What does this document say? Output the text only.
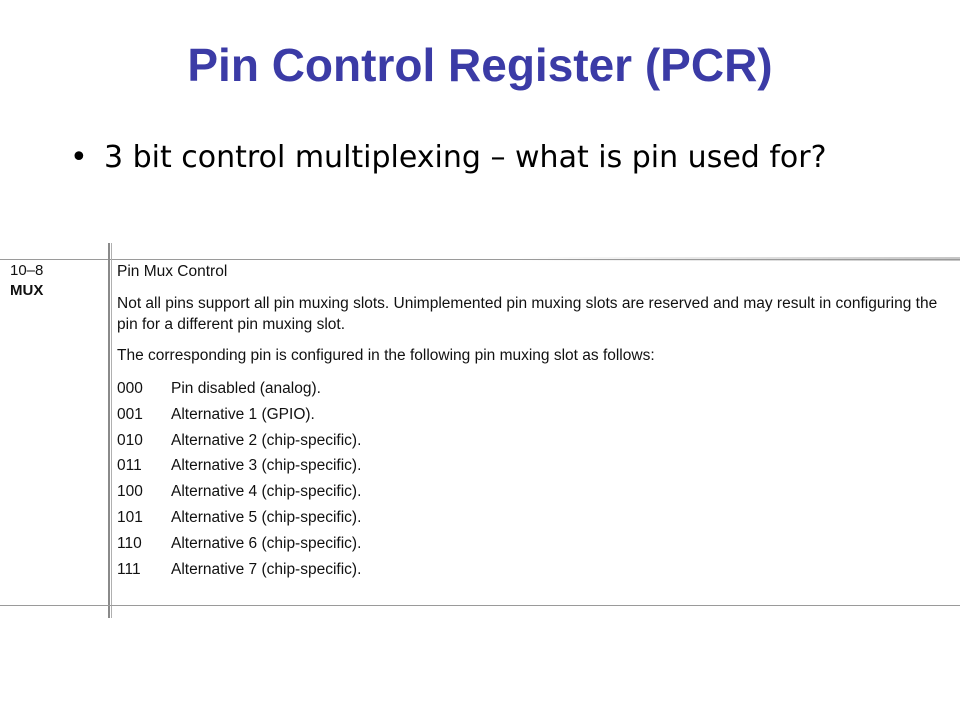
Pin Control Register (PCR)
• 3 bit control multiplexing – what is pin used for?
10–8
MUX

Pin Mux Control

Not all pins support all pin muxing slots. Unimplemented pin muxing slots are reserved and may result in configuring the pin for a different pin muxing slot.

The corresponding pin is configured in the following pin muxing slot as follows:

000	Pin disabled (analog).
001	Alternative 1 (GPIO).
010	Alternative 2 (chip-specific).
011	Alternative 3 (chip-specific).
100	Alternative 4 (chip-specific).
101	Alternative 5 (chip-specific).
110	Alternative 6 (chip-specific).
111	Alternative 7 (chip-specific).
